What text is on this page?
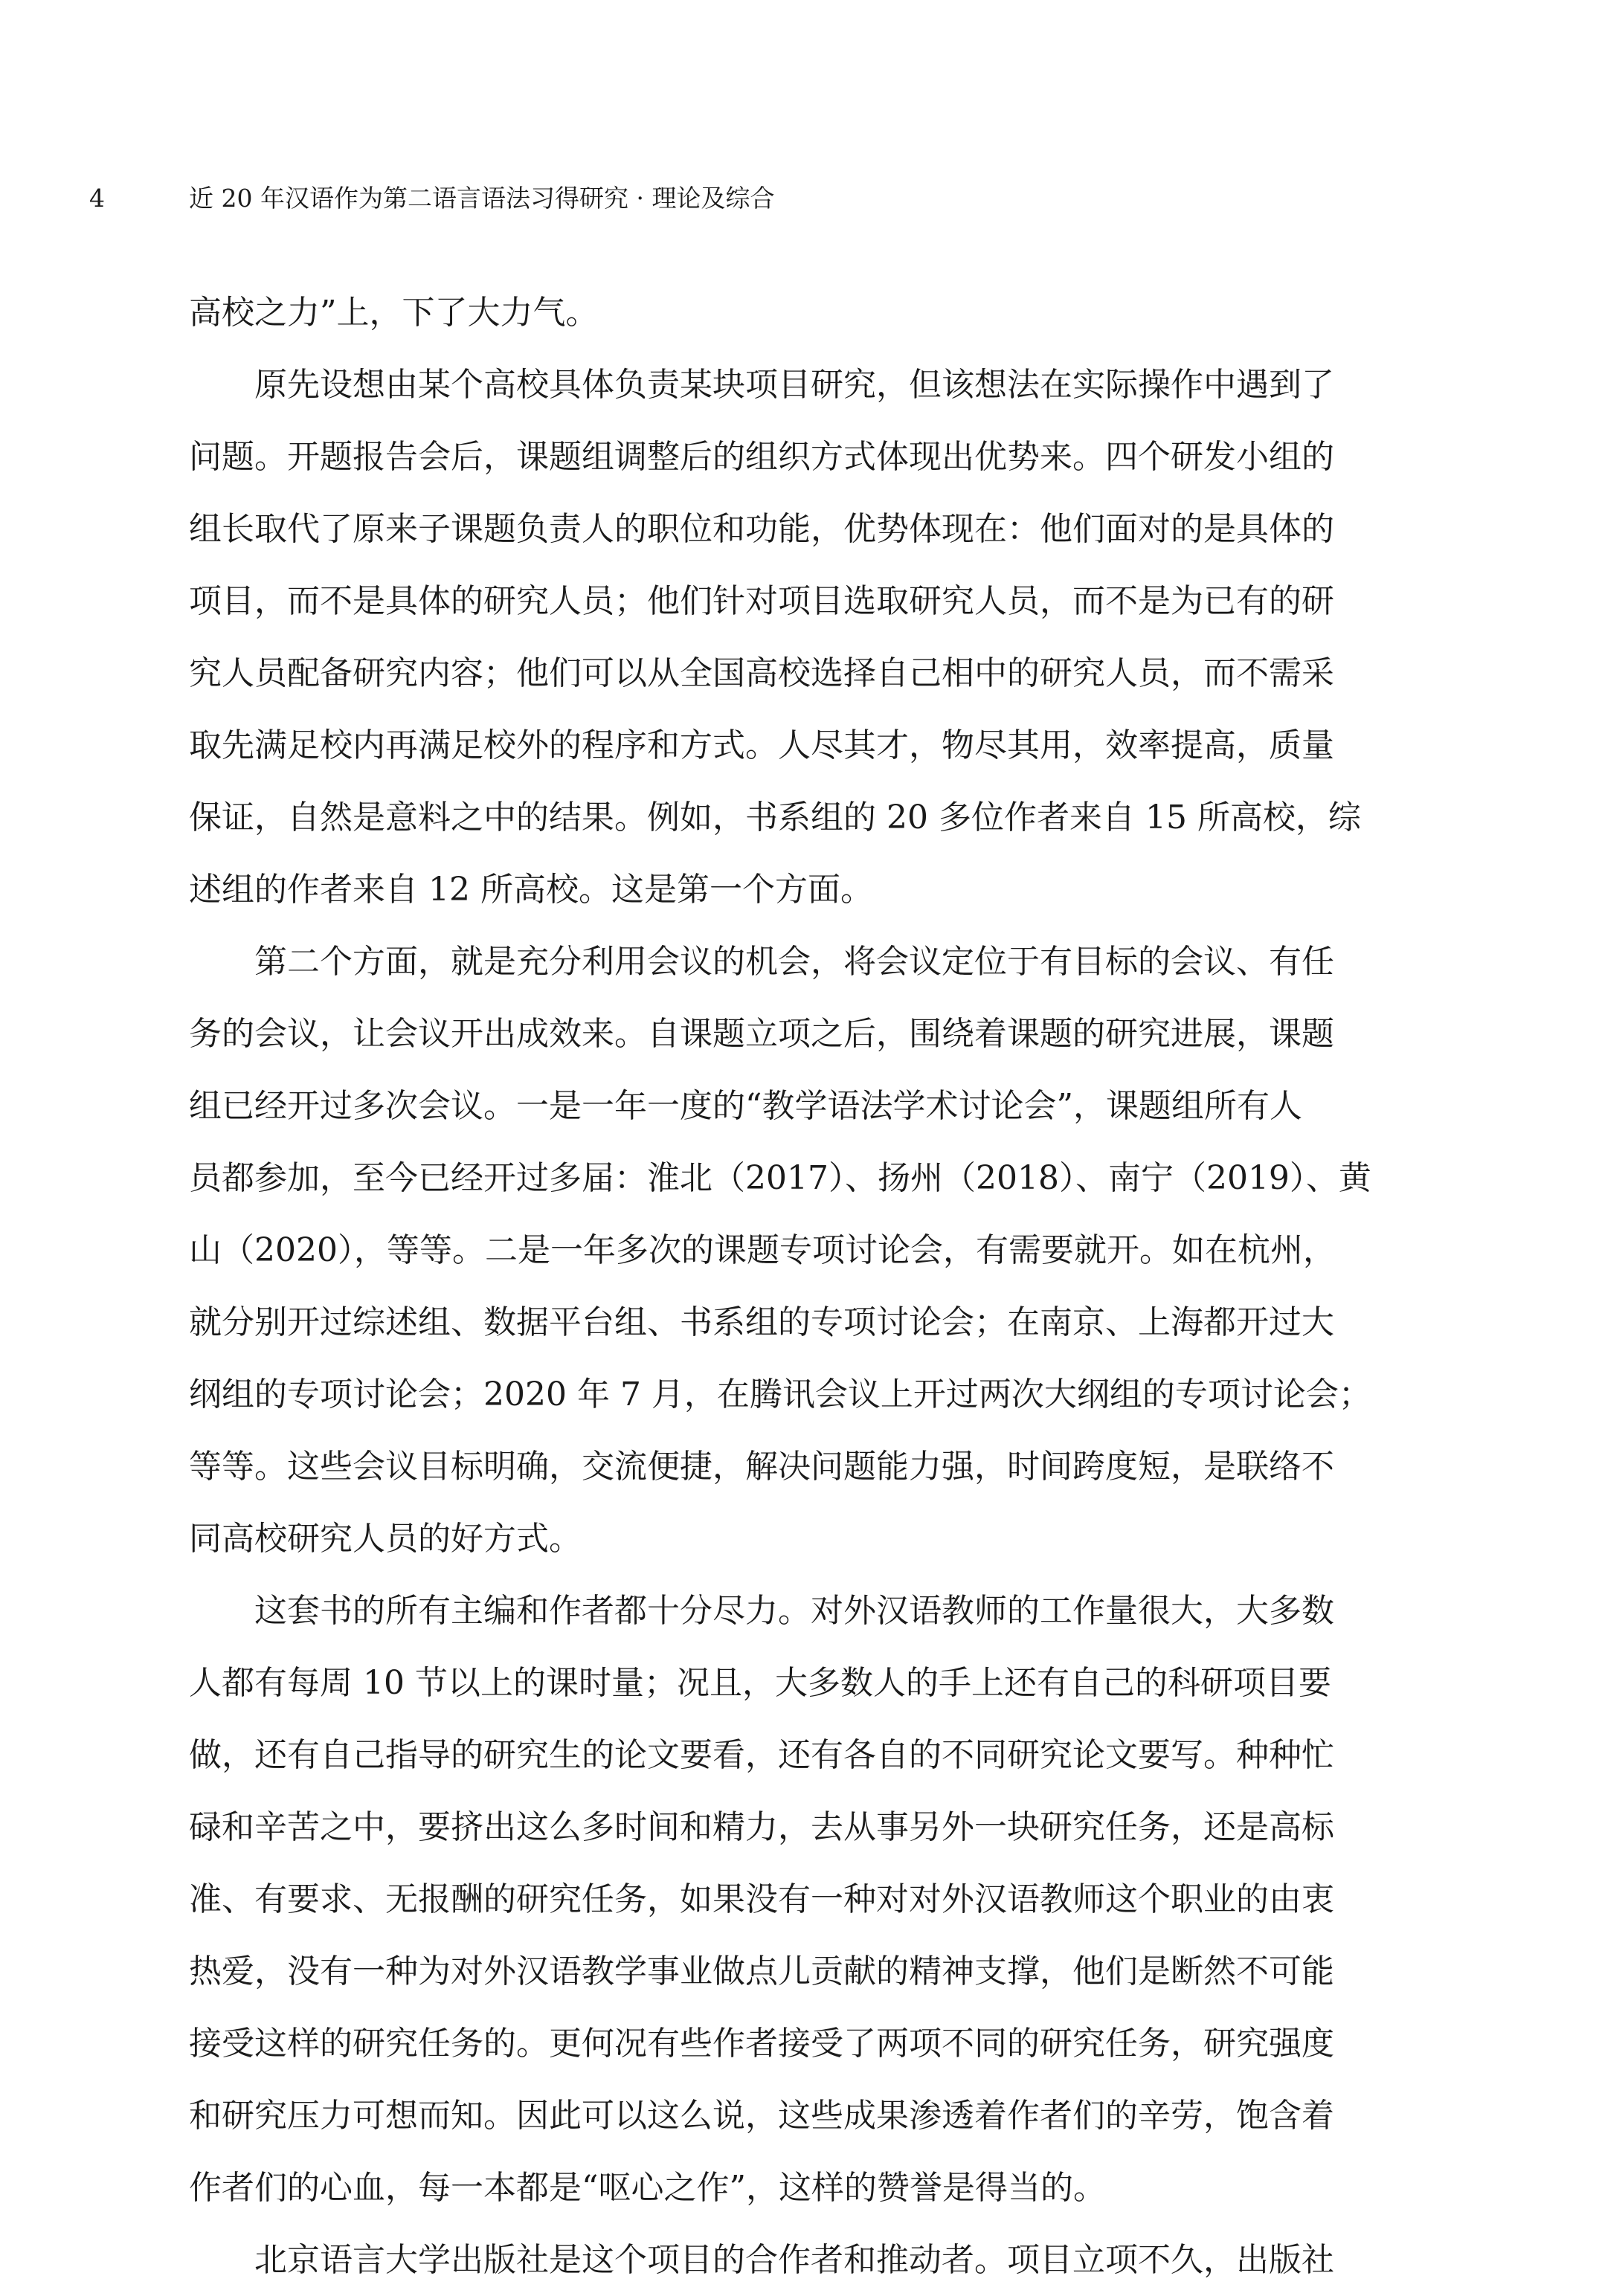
4	近 20 年汉语作为第二语言语法习得研究 · 理论及综合
高校之力”上，下了大力气。
原先设想由某个高校具体负责某块项目研究，但该想法在实际操作中遇到了
问题。开题报告会后，课题组调整后的组织方式体现出优势来。四个研发小组的
组长取代了原来子课题负责人的职位和功能，优势体现在：他们面对的是具体的
项目，而不是具体的研究人员；他们针对项目选取研究人员，而不是为已有的研
究人员配备研究内容；他们可以从全国高校选择自己相中的研究人员，而不需采
取先满足校内再满足校外的程序和方式。人尽其才，物尽其用，效率提高，质量
保证，自然是意料之中的结果。例如，书系组的 20 多位作者来自 15 所高校，综
述组的作者来自 12 所高校。这是第一个方面。
第二个方面，就是充分利用会议的机会，将会议定位于有目标的会议、有任
务的会议，让会议开出成效来。自课题立项之后，围绕着课题的研究进展，课题
组已经开过多次会议。一是一年一度的“教学语法学术讨论会”，课题组所有人
员都参加，至今已经开过多届：淮北（2017）、扬州（2018）、南宁（2019）、黄
山（2020），等等。二是一年多次的课题专项讨论会，有需要就开。如在杭州，
就分别开过综述组、数据平台组、书系组的专项讨论会；在南京、上海都开过大
纲组的专项讨论会；2020 年 7 月，在腾讯会议上开过两次大纲组的专项讨论会；
等等。这些会议目标明确，交流便捷，解决问题能力强，时间跨度短，是联络不
同高校研究人员的好方式。
这套书的所有主编和作者都十分尽力。对外汉语教师的工作量很大，大多数
人都有每周 10 节以上的课时量；况且，大多数人的手上还有自己的科研项目要
做，还有自己指导的研究生的论文要看，还有各自的不同研究论文要写。种种忙
碌和辛苦之中，要挤出这么多时间和精力，去从事另外一块研究任务，还是高标
准、有要求、无报酬的研究任务，如果没有一种对对外汉语教师这个职业的由衷
热爱，没有一种为对外汉语教学事业做点儿贡献的精神支撑，他们是断然不可能
接受这样的研究任务的。更何况有些作者接受了两项不同的研究任务，研究强度
和研究压力可想而知。因此可以这么说，这些成果渗透着作者们的辛劳，饱含着
作者们的心血，每一本都是“呕心之作”，这样的赞誉是得当的。
北京语言大学出版社是这个项目的合作者和推动者。项目立项不久，出版社
